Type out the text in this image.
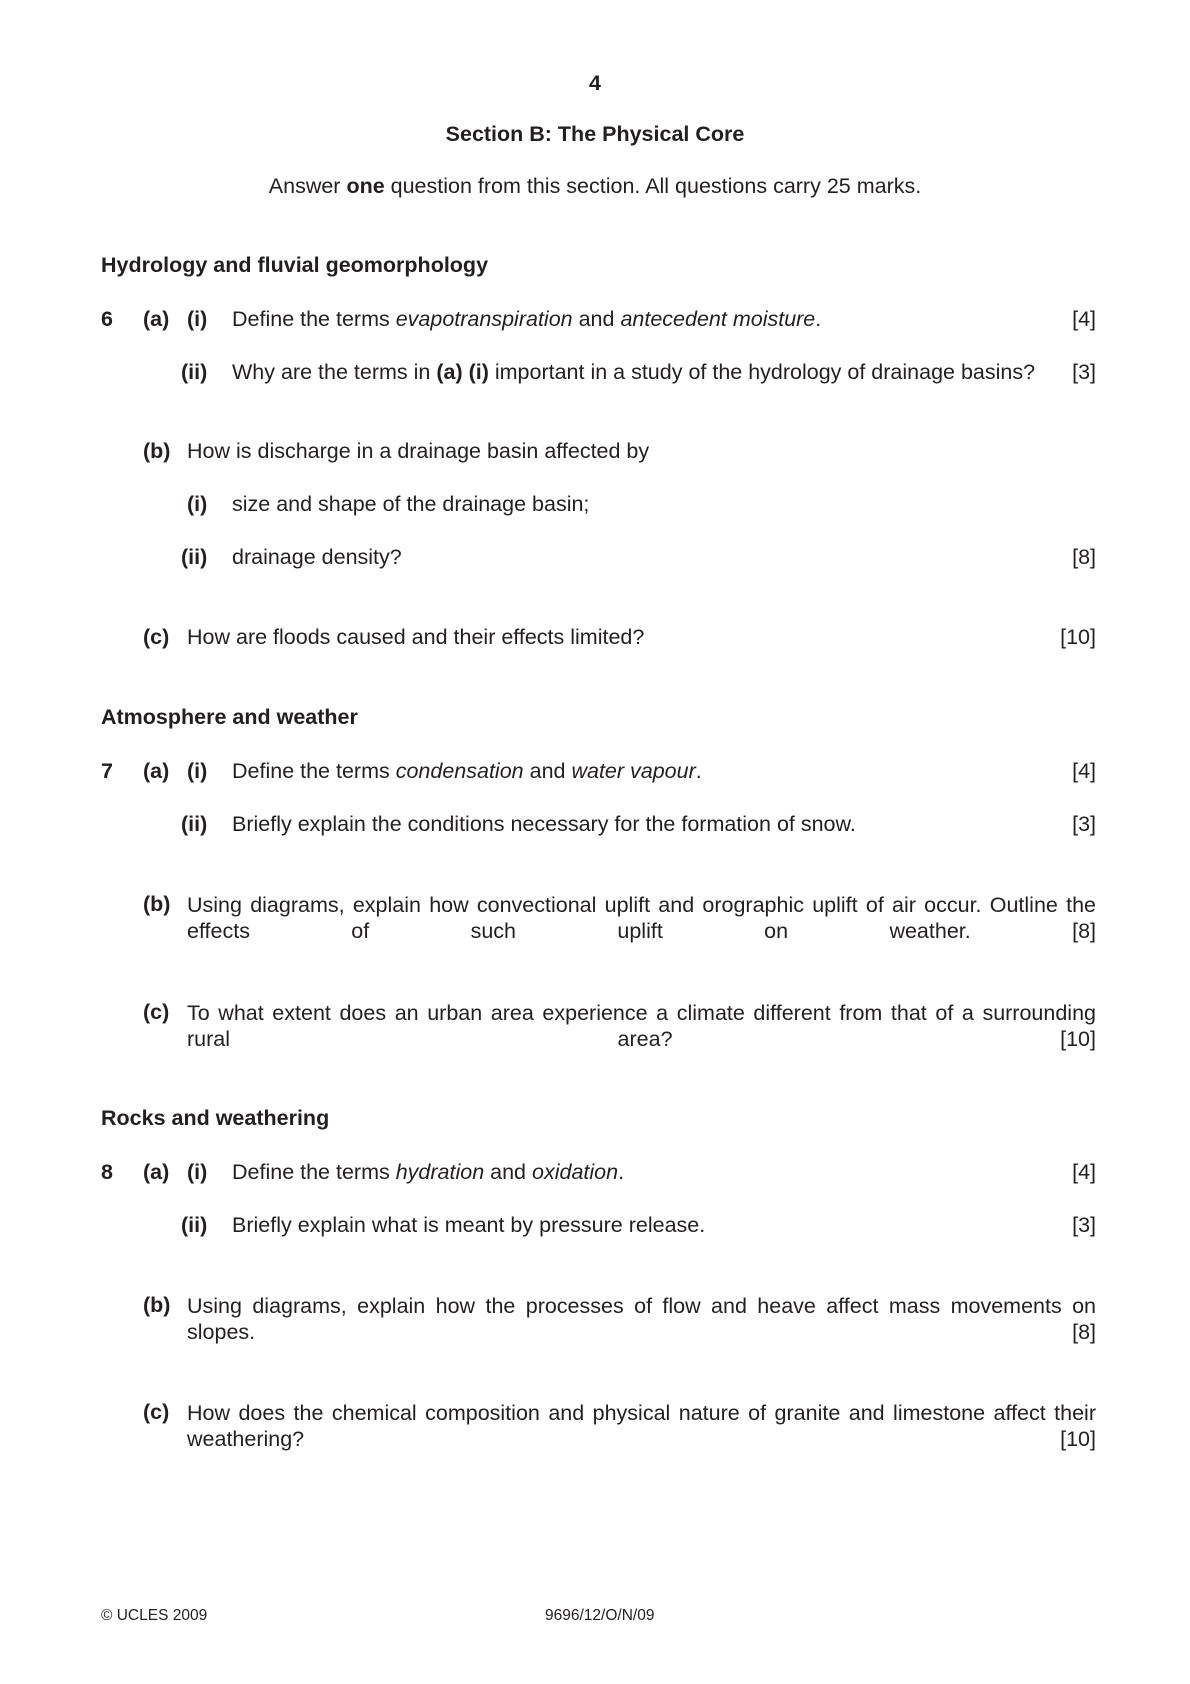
4
Section B: The Physical Core
Answer one question from this section. All questions carry 25 marks.
Hydrology and fluvial geomorphology
6 (a) (i) Define the terms evapotranspiration and antecedent moisture.	[4]
(ii) Why are the terms in (a) (i) important in a study of the hydrology of drainage basins? [3]
(b) How is discharge in a drainage basin affected by
(i) size and shape of the drainage basin;
(ii) drainage density?	[8]
(c) How are floods caused and their effects limited?	[10]
Atmosphere and weather
7 (a) (i) Define the terms condensation and water vapour.	[4]
(ii) Briefly explain the conditions necessary for the formation of snow.	[3]
(b) Using diagrams, explain how convectional uplift and orographic uplift of air occur. Outline the
effects of such uplift on weather.	[8]
(c) To what extent does an urban area experience a climate different from that of a surrounding
rural area?	[10]
Rocks and weathering
8 (a) (i) Define the terms hydration and oxidation.	[4]
(ii) Briefly explain what is meant by pressure release.	[3]
(b) Using diagrams, explain how the processes of flow and heave affect mass movements on
slopes.	[8]
(c) How does the chemical composition and physical nature of granite and limestone affect their
weathering?	[10]
© UCLES 2009	9696/12/O/N/09
